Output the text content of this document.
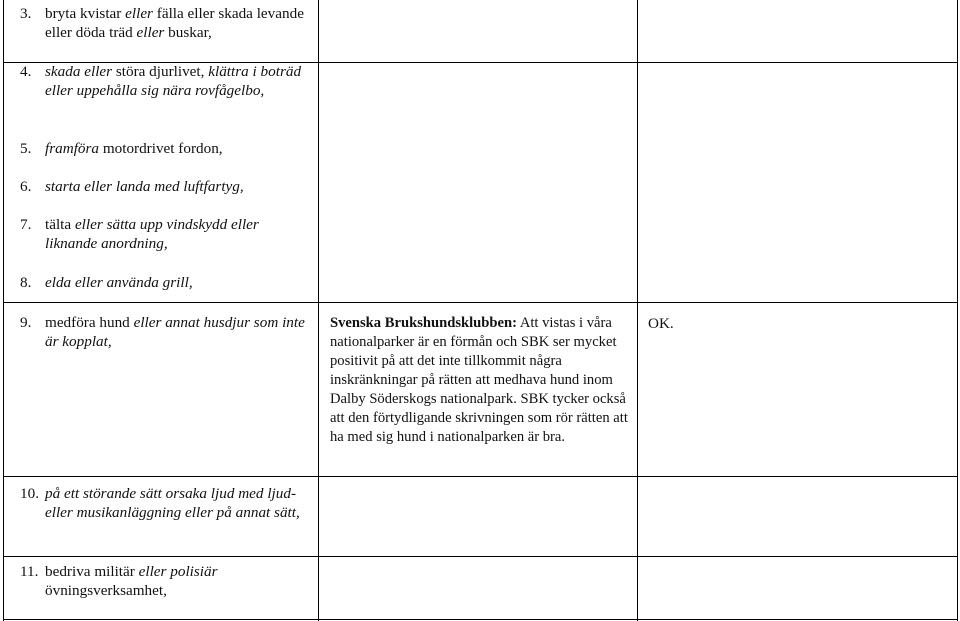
3. bryta kvistar eller fälla eller skada levande eller döda träd eller buskar,
4. skada eller störa djurlivet, klättra i boträd eller uppehålla sig nära rovfågelbo,
5. framföra motordrivet fordon,
6. starta eller landa med luftfartyg,
7. tälta eller sätta upp vindskydd eller liknande anordning,
8. elda eller använda grill,
9. medföra hund eller annat husdjur som inte är kopplat,
10. på ett störande sätt orsaka ljud med ljud- eller musikanläggning eller på annat sätt,
11. bedriva militär eller polisiär övningsverksamhet,
Svenska Brukshundsklubben: Att vistas i våra nationalparker är en förmån och SBK ser mycket positivit på att det inte tillkommit några inskränkningar på rätten att medhava hund inom Dalby Söderskogs nationalpark. SBK tycker också att den förtydligande skrivningen som rör rätten att ha med sig hund i nationalparken är bra.
OK.
